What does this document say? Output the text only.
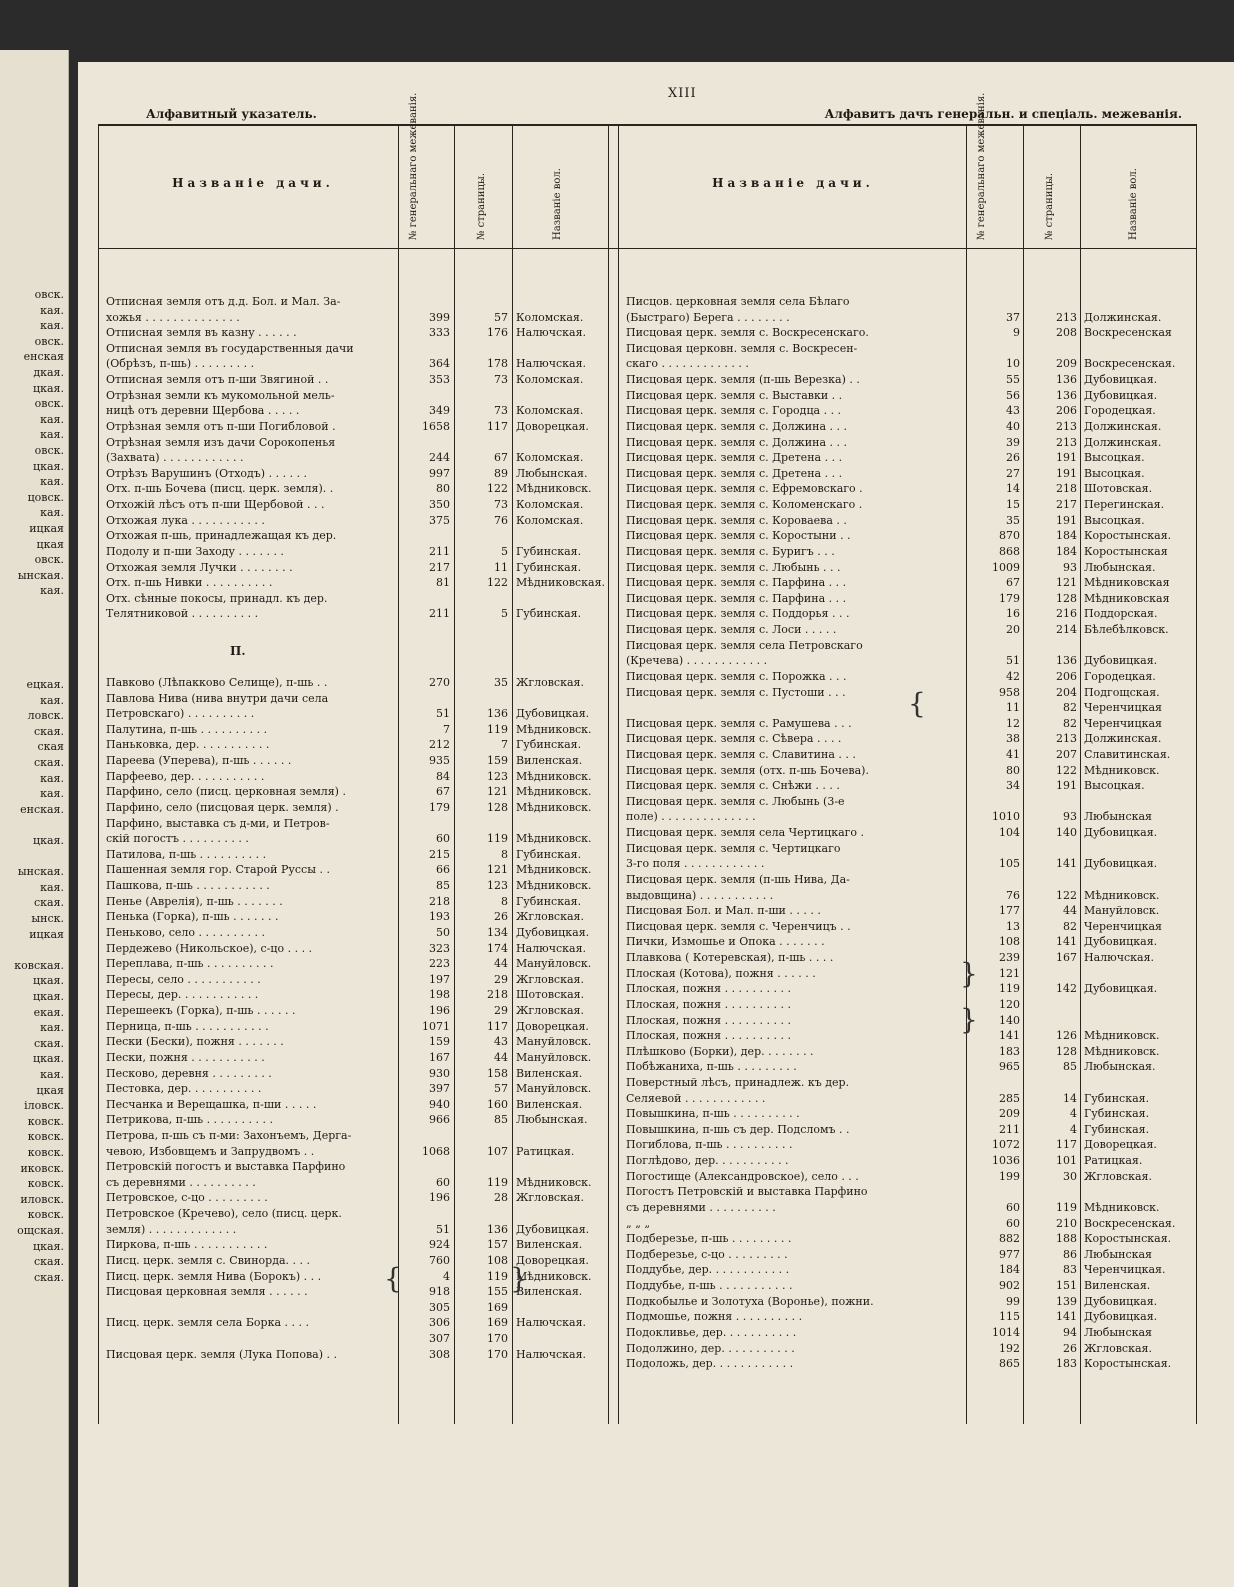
овск.
кая.
кая.
овск.
енская
дкая.
цкая.
овск.
кая.
кая.
овск.
цкая.
кая.
цовск.
кая.
ицкая
цкая
овск.
ынская.
кая.
ецкая.
кая.
ловск.
ская.
ская
ская.
кая.
кая.
енская.
цкая.
ынская.
кая.
ская.
ынск.
ицкая
ковская.
цкая.
цкая.
екая.
кая.
ская.
цкая.
кая.
цкая
іловск.
ковск.
ковск.
ковск.
иковск.
ковск.
иловск.
ковск.
ощская.
цкая.
ская.
ская.
XIII
Алфавитный указатель.	Алфавитъ дачъ генеральн. и спеціаль. межеванія.
Названіе дачи.	№ генеральнаго межеванія.	№ страницы.	Названіе вол.	Названіе дачи.	№ генеральнаго межеванія.	№ страницы.	Названіе вол.
П.
Отписная земля отъ д.д. Бол. и Мал. За-
хожья . . . . . . . . . . . . . .	399	57 Коломская.
Отписная земля въ казну . . . . . .	333	176 Налючская.
Отписная земля въ государственныя дачи
(Обрѣзъ, п-шь) . . . . . . . . .	364	178 Налючская.
Отписная земля отъ п-ши Звягиной . .	353	73 Коломская.
Отрѣзная земли къ мукомольной мель-
ницѣ отъ деревни Щербова . . . . .	349	73 Коломская.
Отрѣзная земля отъ п-ши Погибловой .	1658	117 Доворецкая.
Отрѣзная земля изъ дачи Сорокопенья
(Захвата) . . . . . . . . . . . .	244	67 Коломская.
Отрѣзъ Варушинъ (Отходъ) . . . . . .	997	89 Любынская.
Отх. п-шь Бочева (писц. церк. земля). .	80	122 Мѣдниковск.
Отхожій лѣсъ отъ п-ши Щербовой . . .	350	73 Коломская.
Отхожая лука . . . . . . . . . . .	375	76 Коломская.
Отхожая п-шь, принадлежащая къ дер.
Подолу и п-ши Заходу . . . . . . .	211	5 Губинская.
Отхожая земля Лучки . . . . . . . .	217	11 Губинская.
Отх. п-шь Нивки . . . . . . . . . .	81	122 Мѣдниковская.
Отх. сѣнные покосы, принадл. къ дер.
Телятниковой . . . . . . . . . .	211	5 Губинская.
Павково (Лѣпакково Селище), п-шь . .	270	35 Жгловская.
Павлова Нива (нива внутри дачи села
Петровскаго) . . . . . . . . . .	51	136 Дубовицкая.
Палутина, п-шь . . . . . . . . . .	7	119 Мѣдниковск.
Паньковка, дер. . . . . . . . . . .	212	7 Губинская.
Пареева (Уперева), п-шь . . . . . .	935	159 Виленская.
Парфеево, дер. . . . . . . . . . .	84	123 Мѣдниковск.
Парфино, село (писц. церковная земля) .	67	121 Мѣдниковск.
Парфино, село (писцовая церк. земля) .	179	128 Мѣдниковск.
Парфино, выставка съ д-ми, и Петров-
скій погостъ . . . . . . . . . .	60	119 Мѣдниковск.
Патилова, п-шь . . . . . . . . . .	215	8 Губинская.
Пашенная земля гор. Старой Руссы . .	66	121 Мѣдниковск.
Пашкова, п-шь . . . . . . . . . . .	85	123 Мѣдниковск.
Пенье (Аврелія), п-шь . . . . . . .	218	8 Губинская.
Пенька (Горка), п-шь . . . . . . .	193	26 Жгловская.
Пеньково, село . . . . . . . . . .	50	134 Дубовицкая.
Пердежево (Никольское), с-цо . . . .	323	174 Налючская.
Переплава, п-шь . . . . . . . . . .	223	44 Мануйловск.
Пересы, село . . . . . . . . . . .	197	29 Жгловская.
Пересы, дер. . . . . . . . . . . .	198	218 Шотовская.
Перешеекъ (Горка), п-шь . . . . . .	196	29 Жгловская.
Перница, п-шь . . . . . . . . . . .	1071	117 Доворецкая.
Пески (Бески), пожня . . . . . . .	159	43 Мануйловск.
Пески, пожня . . . . . . . . . . .	167	44 Мануйловск.
Песково, деревня . . . . . . . . .	930	158 Виленская.
Пестовка, дер. . . . . . . . . . .	397	57 Мануйловск.
Песчанка и Верещашка, п-ши . . . . .	940	160 Виленская.
Петрикова, п-шь . . . . . . . . . .	966	85 Любынская.
Петрова, п-шь съ п-ми: Захонъемъ, Дерга-
чевою, Избовщемъ и Запрудвомъ . .	1068	107 Ратицкая.
Петровскій погостъ и выставка Парфино
съ деревнями . . . . . . . . . .	60	119 Мѣдниковск.
Петровское, с-цо . . . . . . . . .	196	28 Жгловская.
Петровское (Кречево), село (писц. церк.
земля) . . . . . . . . . . . . .	51	136 Дубовицкая.
Пиркова, п-шь . . . . . . . . . . .	924	157 Виленская.
Писц. церк. земля с. Свинорда. . . .	760	108 Доворецкая.
Писц. церк. земля Нива (Борокъ) . . .	4	119 Мѣдниковск.
Писцовая церковная земля . . . . . .	918	155 Виленская.
305	169
Писц. церк. земля села Борка . . . .	306	169 Налючская.
307	170
Писцовая церк. земля (Лука Попова) . .	308	170 Налючская.
Писцов. церковная земля села Бѣлаго
(Быстраго) Берега . . . . . . . .	37	213 Должинская.
Писцовая церк. земля с. Воскресенскаго.	9	208 Воскресенская
Писцовая церковн. земля с. Воскресен-
скаго . . . . . . . . . . . . .	10	209 Воскресенская.
Писцовая церк. земля (п-шь Верезка) . .	55	136 Дубовицкая.
Писцовая церк. земля с. Выставки . .	56	136 Дубовицкая.
Писцовая церк. земля с. Городца . . .	43	206 Городецкая.
Писцовая церк. земля с. Должина . . .	40	213 Должинская.
Писцовая церк. земля с. Должина . . .	39	213 Должинская.
Писцовая церк. земля с. Дретена . . .	26	191 Высоцкая.
Писцовая церк. земля с. Дретена . . .	27	191 Высоцкая.
Писцовая церк. земля с. Ефремовскаго .	14	218 Шотовская.
Писцовая церк. земля с. Коломенскаго .	15	217 Перегинская.
Писцовая церк. земля с. Короваева . .	35	191 Высоцкая.
Писцовая церк. земля с. Коростыни . .	870	184 Коростынская.
Писцовая церк. земля с. Буригъ . . .	868	184 Коростынская
Писцовая церк. земля с. Любынь . . .	1009	93 Любынская.
Писцовая церк. земля с. Парфина . . .	67	121 Мѣдниковская
Писцовая церк. земля с. Парфина . . .	179	128 Мѣдниковская
Писцовая церк. земля с. Поддорья . . .	16	216 Поддорская.
Писцовая церк. земля с. Лоси . . . . .	20	214 Бѣлебѣлковск.
Писцовая церк. земля села Петровскаго
(Кречева) . . . . . . . . . . . .	51	136 Дубовицкая.
Писцовая церк. земля с. Порожка . . .	42	206 Городецкая.
Писцовая церк. земля с. Пустоши . . .	958	204 Подгощская.
11	82 Черенчицкая
Писцовая церк. земля с. Рамушева . . .	12	82 Черенчицкая
Писцовая церк. земля с. Сѣвера . . . .	38	213 Должинская.
Писцовая церк. земля с. Славитина . . .	41	207 Славитинская.
Писцовая церк. земля (отх. п-шь Бочева).	80	122 Мѣдниковск.
Писцовая церк. земля с. Снѣжи . . . .	34	191 Высоцкая.
Писцовая церк. земля с. Любынь (3-е
поле) . . . . . . . . . . . . . .	1010	93 Любынская
Писцовая церк. земля села Чертицкаго .	104	140 Дубовицкая.
Писцовая церк. земля с. Чертицкаго
3-го поля . . . . . . . . . . . .	105	141 Дубовицкая.
Писцовая церк. земля (п-шь Нива, Да-
выдовщина) . . . . . . . . . . .	76	122 Мѣдниковск.
Писцовая Бол. и Мал. п-ши . . . . .	177	44 Мануйловск.
Писцовая церк. земля с. Черенчицъ . .	13	82 Черенчицкая
Пички, Измошье и Опока . . . . . . .	108	141 Дубовицкая.
Плавкова ( Котеревская), п-шь . . . .	239	167 Налючская.
Плоская (Котова), пожня . . . . . .	121
Плоская, пожня . . . . . . . . . .	119	142 Дубовицкая.
Плоская, пожня . . . . . . . . . .	120
Плоская, пожня . . . . . . . . . .	140
Плоская, пожня . . . . . . . . . .	141	126 Мѣдниковск.
Плѣшково (Борки), дер. . . . . . . .	183	128 Мѣдниковск.
Побѣжаниха, п-шь . . . . . . . . .	965	85 Любынская.
Поверстный лѣсъ, принадлеж. къ дер.
Селяевой . . . . . . . . . . . .	285	14 Губинская.
Повышкина, п-шь . . . . . . . . . .	209	4 Губинская.
Повышкина, п-шь съ дер. Подсломъ . .	211	4 Губинская.
Погиблова, п-шь . . . . . . . . . .	1072	117 Доворецкая.
Поглѣдово, дер. . . . . . . . . . .	1036	101 Ратицкая.
Погостище (Александровское), село . . .	199	30 Жгловская.
Погостъ Петровскій и выставка Парфино
съ деревнями . . . . . . . . . .	60	119 Мѣдниковск.
„ „ „	60	210 Воскресенская.
Подберезье, п-шь . . . . . . . . .	882	188 Коростынская.
Подберезье, с-цо . . . . . . . . .	977	86 Любынская
Поддубье, дер. . . . . . . . . . . .	184	83 Черенчицкая.
Поддубье, п-шь . . . . . . . . . . .	902	151 Виленская.
Подкобылье и Золотуха (Воронье), пожни.	99	139 Дубовицкая.
Подмошье, пожня . . . . . . . . . .	115	141 Дубовицкая.
Подокливье, дер. . . . . . . . . . .	1014	94 Любынская
Подолжино, дер. . . . . . . . . . .	192	26 Жгловская.
Подоложь, дер. . . . . . . . . . . .	865	183 Коростынская.
{	}
{
}
}
